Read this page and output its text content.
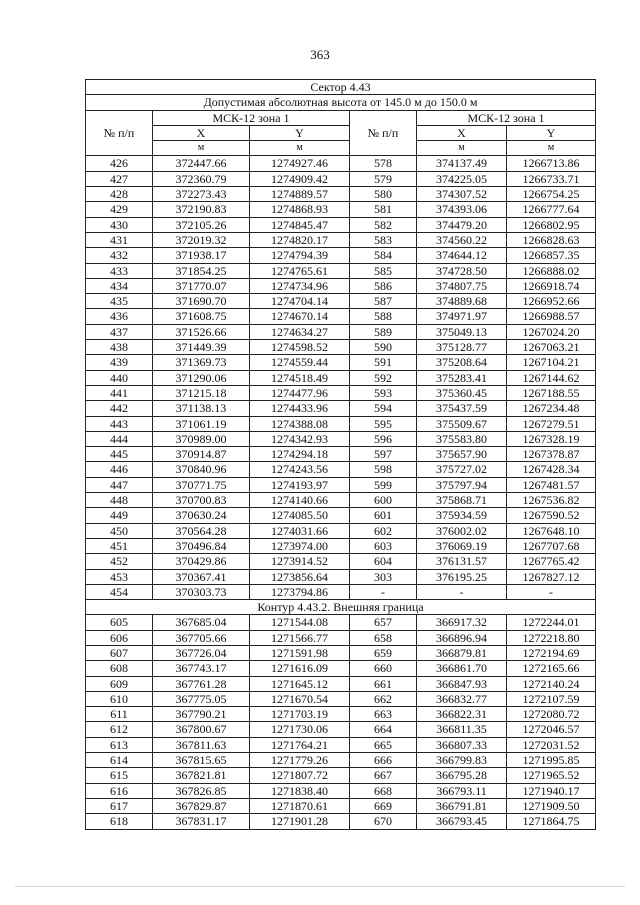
363
Сектор 4.43					
Допустимая абсолютная высота от 145.0 м до 150.0 м					
№ п/п	МСК-12 зона 1		№ п/п	МСК-12 зона 1	
	X	Y		X	Y
	м	м		м	м
426	372447.66	1274927.46	578	374137.49	1266713.86
427	372360.79	1274909.42	579	374225.05	1266733.71
428	372273.43	1274889.57	580	374307.52	1266754.25
429	372190.83	1274868.93	581	374393.06	1266777.64
430	372105.26	1274845.47	582	374479.20	1266802.95
431	372019.32	1274820.17	583	374560.22	1266828.63
432	371938.17	1274794.39	584	374644.12	1266857.35
433	371854.25	1274765.61	585	374728.50	1266888.02
434	371770.07	1274734.96	586	374807.75	1266918.74
435	371690.70	1274704.14	587	374889.68	1266952.66
436	371608.75	1274670.14	588	374971.97	1266988.57
437	371526.66	1274634.27	589	375049.13	1267024.20
438	371449.39	1274598.52	590	375128.77	1267063.21
439	371369.73	1274559.44	591	375208.64	1267104.21
440	371290.06	1274518.49	592	375283.41	1267144.62
441	371215.18	1274477.96	593	375360.45	1267188.55
442	371138.13	1274433.96	594	375437.59	1267234.48
443	371061.19	1274388.08	595	375509.67	1267279.51
444	370989.00	1274342.93	596	375583.80	1267328.19
445	370914.87	1274294.18	597	375657.90	1267378.87
446	370840.96	1274243.56	598	375727.02	1267428.34
447	370771.75	1274193.97	599	375797.94	1267481.57
448	370700.83	1274140.66	600	375868.71	1267536.82
449	370630.24	1274085.50	601	375934.59	1267590.52
450	370564.28	1274031.66	602	376002.02	1267648.10
451	370496.84	1273974.00	603	376069.19	1267707.68
452	370429.86	1273914.52	604	376131.57	1267765.42
453	370367.41	1273856.64	303	376195.25	1267827.12
454	370303.73	1273794.86	-	-	-
Контур 4.43.2. Внешняя граница					
605	367685.04	1271544.08	657	366917.32	1272244.01
606	367705.66	1271566.77	658	366896.94	1272218.80
607	367726.04	1271591.98	659	366879.81	1272194.69
608	367743.17	1271616.09	660	366861.70	1272165.66
609	367761.28	1271645.12	661	366847.93	1272140.24
610	367775.05	1271670.54	662	366832.77	1272107.59
611	367790.21	1271703.19	663	366822.31	1272080.72
612	367800.67	1271730.06	664	366811.35	1272046.57
613	367811.63	1271764.21	665	366807.33	1272031.52
614	367815.65	1271779.26	666	366799.83	1271995.85
615	367821.81	1271807.72	667	366795.28	1271965.52
616	367826.85	1271838.40	668	366793.11	1271940.17
617	367829.87	1271870.61	669	366791.81	1271909.50
618	367831.17	1271901.28	670	366793.45	1271864.75
